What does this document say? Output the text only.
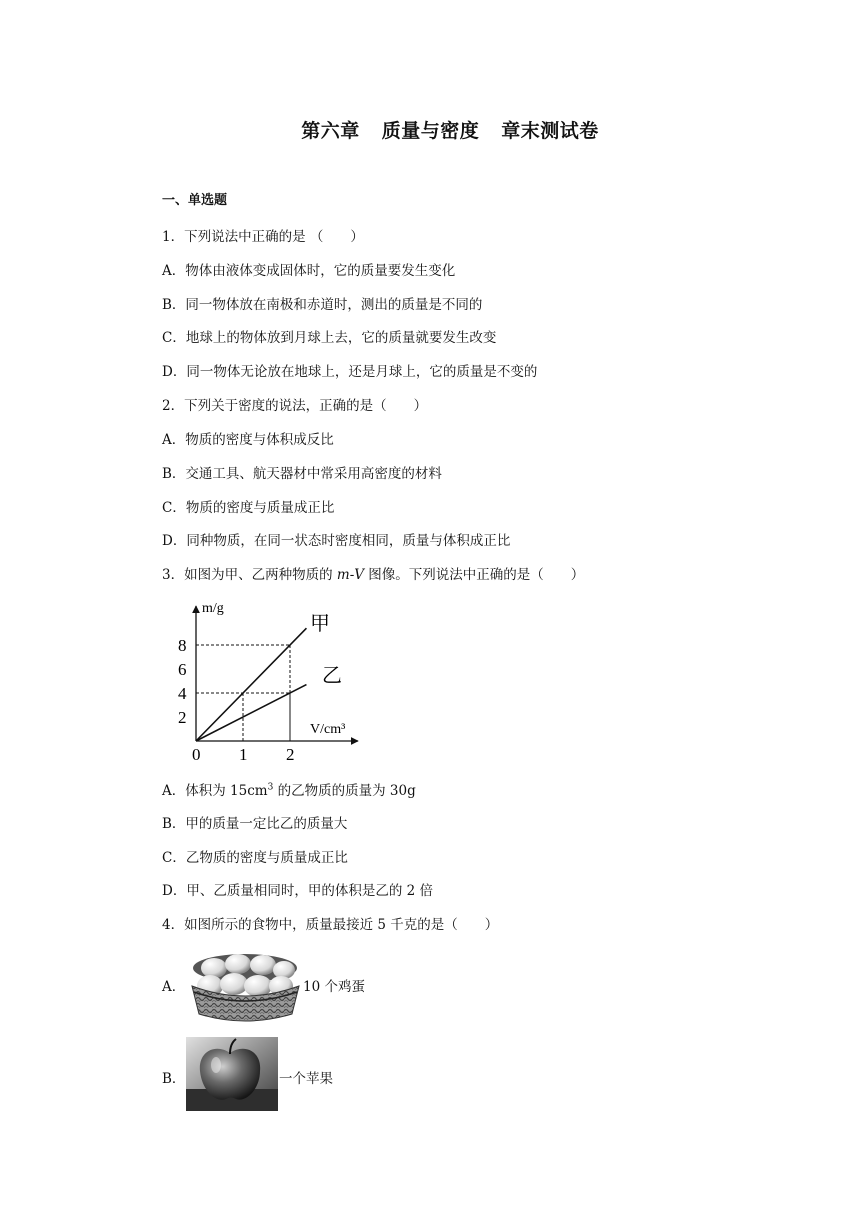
第六章 质量与密度 章末测试卷
一、单选题
1．下列说法中正确的是 （　　）
A．物体由液体变成固体时，它的质量要发生变化
B．同一物体放在南极和赤道时，测出的质量是不同的
C．地球上的物体放到月球上去，它的质量就要发生改变
D．同一物体无论放在地球上，还是月球上，它的质量是不变的
2．下列关于密度的说法，正确的是（　　）
A．物质的密度与体积成反比
B．交通工具、航天器材中常采用高密度的材料
C．物质的密度与质量成正比
D．同种物质，在同一状态时密度相同，质量与体积成正比
3．如图为甲、乙两种物质的 m-V 图像。下列说法中正确的是（　　）
0 1 2
2
4
6
8
m/g
V/cm³
甲
乙
A．体积为 $15cm^3$ 的乙物质的质量为 30g
B．甲的质量一定比乙的质量大
C．乙物质的密度与质量成正比
D．甲、乙质量相同时，甲的体积是乙的 2 倍
4．如图所示的食物中，质量最接近 5 千克的是（　　）
A．	10 个鸡蛋
B．	一个苹果
